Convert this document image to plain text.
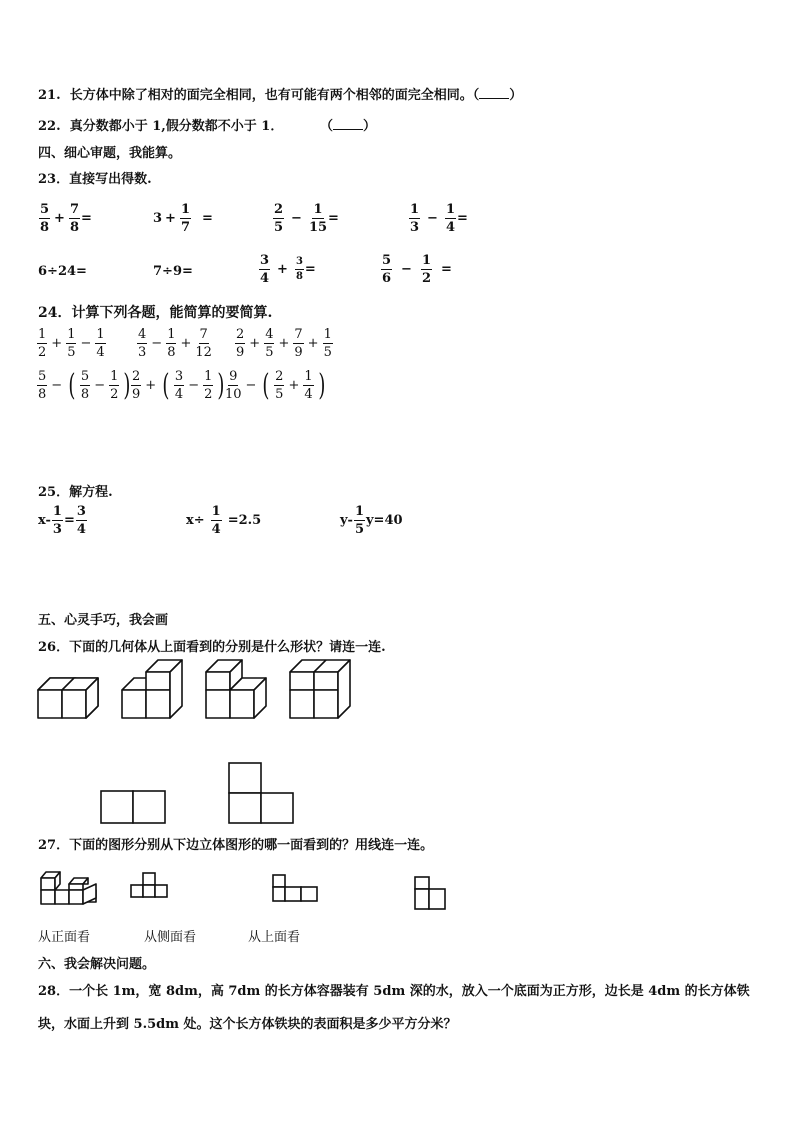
21. 长方体中除了相对的面完全相同，也有可能有两个相邻的面完全相同。（ ）
22. 真分数都小于 1,假分数都不小于 1．	（ ）
四、细心审题，我能算。
23．直接写出得数.
$\frac{5}{8} + \frac{7}{8}$ =	$3 + \frac{1}{7}$ =	$\frac{2}{5} - \frac{1}{15}$ =	$\frac{1}{3} - \frac{1}{4}$ =
6÷24=	7÷9=	$\frac{3}{4} + \frac{3}{8}$ =	$\frac{5}{6} - \frac{1}{2}$ =
24．计算下列各题，能简算的要简算.
$\frac{1}{2} + \frac{1}{5} - \frac{1}{4} \frac{4}{3} - \frac{1}{8} + \frac{7}{12} \frac{2}{9} + \frac{4}{5} + \frac{7}{9} + \frac{1}{5}$
$\frac{5}{8}$ − ( $\frac{5}{8} - \frac{1}{2}$ ) $\frac{2}{9}$ + ( $\frac{3}{4} - \frac{1}{2}$ ) $\frac{9}{10}$ − ( $\frac{2}{5} + \frac{1}{4}$ )
25．解方程.
$x- \frac{1}{3} = \frac{3}{4}$	$x\div \frac{1}{4} =2.5$	$y- \frac{1}{5} y=40$
五、心灵手巧，我会画
26．下面的几何体从上面看到的分别是什么形状？请连一连.
27．下面的图形分别从下边立体图形的哪一面看到的？用线连一连。
从正面看	从侧面看	从上面看
六、我会解决问题。
28．一个长 1m，宽 8dm，高 7dm 的长方体容器装有 5dm 深的水，放入一个底面为正方形，边长是 4dm 的长方体铁
块，水面上升到 5.5dm 处。这个长方体铁块的表面积是多少平方分米？
